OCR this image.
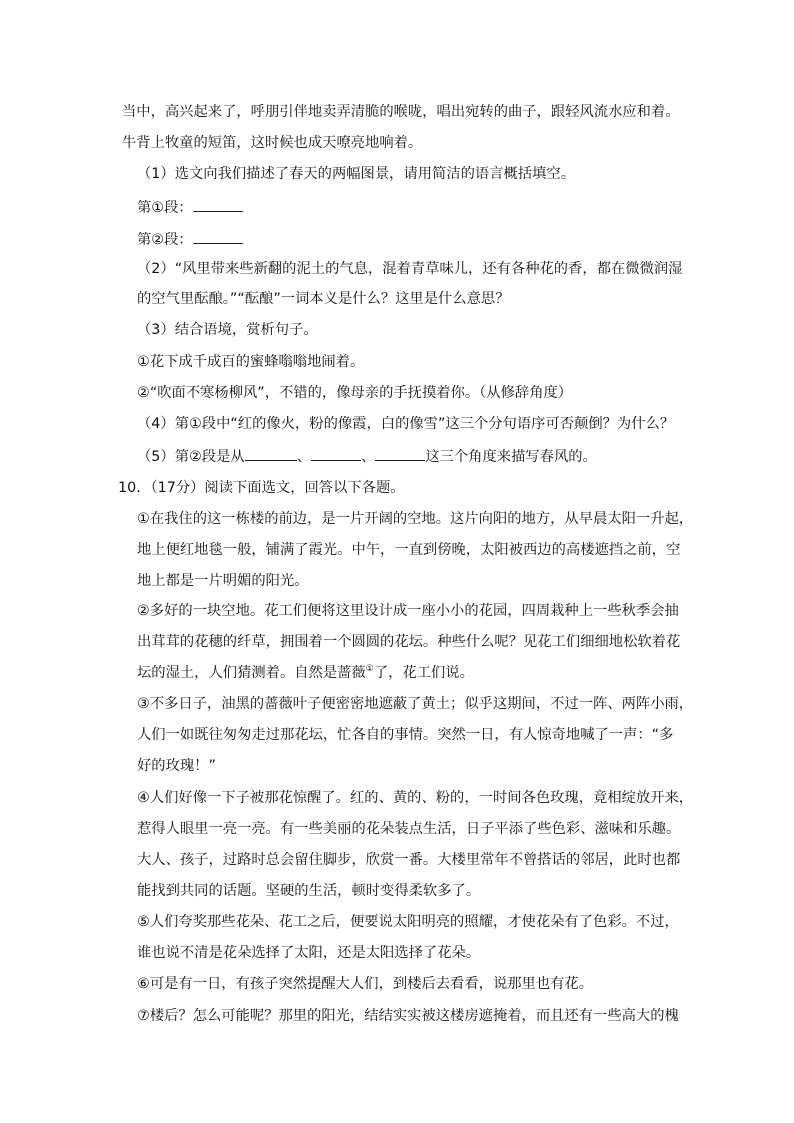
当中，高兴起来了，呼朋引伴地卖弄清脆的喉咙，唱出宛转的曲子，跟轻风流水应和着。
牛背上牧童的短笛，这时候也成天嘹亮地响着。
（1）选文向我们描述了春天的两幅图景，请用简洁的语言概括填空。
第①段：
第②段：
（2）“风里带来些新翻的泥土的气息，混着青草味儿，还有各种花的香，都在微微润湿
的空气里酝酿。”“酝酿”一词本义是什么？这里是什么意思？
（3）结合语境，赏析句子。
①花下成千成百的蜜蜂嗡嗡地闹着。
②“吹面不寒杨柳风”，不错的，像母亲的手抚摸着你。（从修辞角度）
（4）第①段中“红的像火，粉的像霞，白的像雪”这三个分句语序可否颠倒？为什么？
（5）第②段是从	、	、	这三个角度来描写春风的。
10．（17分）阅读下面选文，回答以下各题。
①在我住的这一栋楼的前边，是一片开阔的空地。这片向阳的地方，从早晨太阳一升起，
地上便红地毯一般，铺满了霞光。中午，一直到傍晚，太阳被西边的高楼遮挡之前，空
地上都是一片明媚的阳光。
②多好的一块空地。花工们便将这里设计成一座小小的花园，四周栽种上一些秋季会抽
出茸茸的花穗的纤草，拥围着一个圆圆的花坛。种些什么呢？见花工们细细地松软着花
坛的湿土，人们猜测着。自然是蔷薇①了，花工们说。
③不多日子，油黑的蔷薇叶子便密密地遮蔽了黄土；似乎这期间，不过一阵、两阵小雨，
人们一如既往匆匆走过那花坛，忙各自的事情。突然一日，有人惊奇地喊了一声：“多
好的玫瑰！”
④人们好像一下子被那花惊醒了。红的、黄的、粉的，一时间各色玫瑰，竟相绽放开来，
惹得人眼里一亮一亮。有一些美丽的花朵装点生活，日子平添了些色彩、滋味和乐趣。
大人、孩子，过路时总会留住脚步，欣赏一番。大楼里常年不曾搭话的邻居，此时也都
能找到共同的话题。坚硬的生活，顿时变得柔软多了。
⑤人们夸奖那些花朵、花工之后，便要说太阳明亮的照耀，才使花朵有了色彩。不过，
谁也说不清是花朵选择了太阳，还是太阳选择了花朵。
⑥可是有一日，有孩子突然提醒大人们，到楼后去看看，说那里也有花。
⑦楼后？怎么可能呢？那里的阳光，结结实实被这楼房遮掩着，而且还有一些高大的槐
